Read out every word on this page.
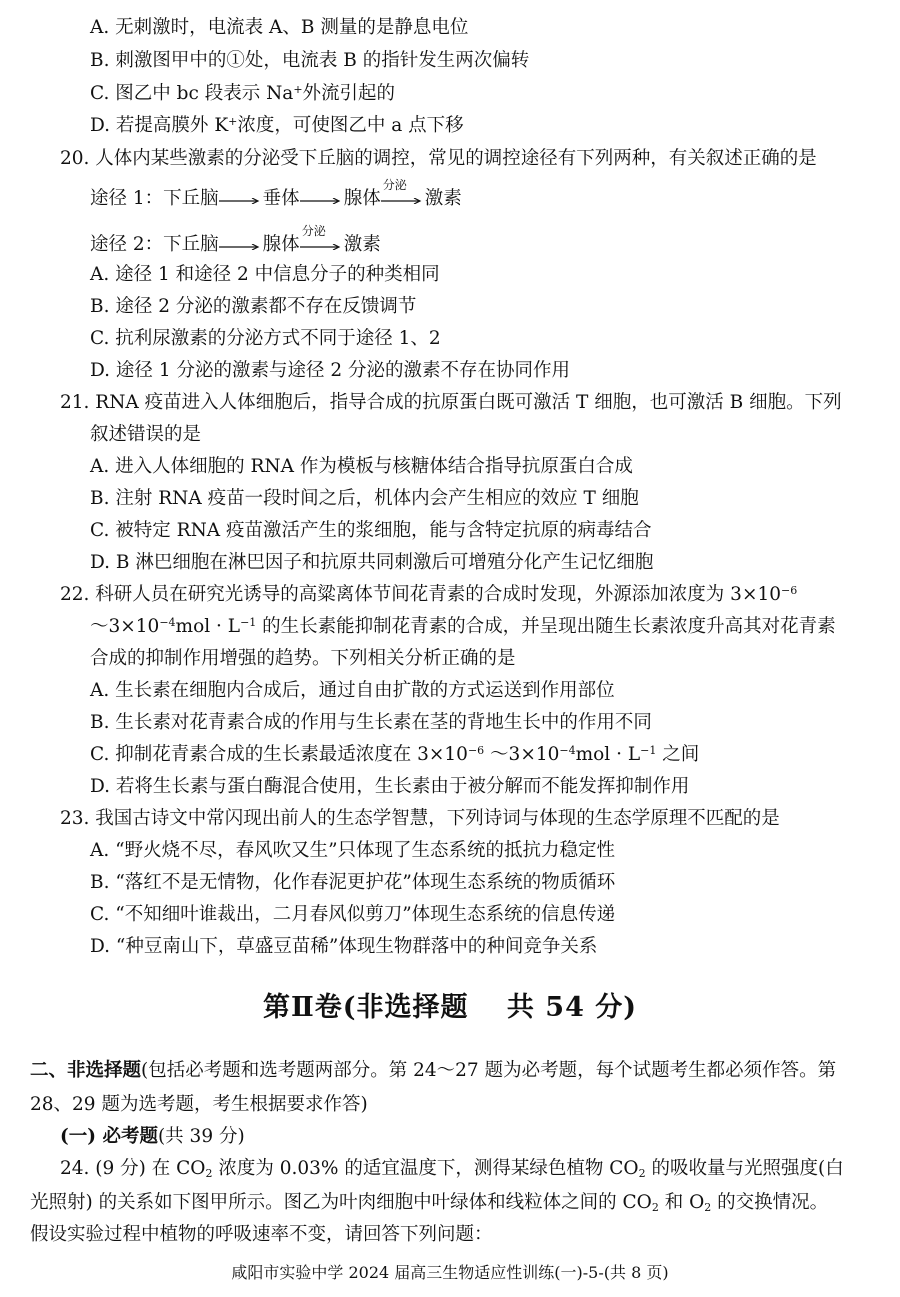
A. 无刺激时，电流表 A、B 测量的是静息电位
B. 刺激图甲中的①处，电流表 B 的指针发生两次偏转
C. 图乙中 bc 段表示 Na+外流引起的
D. 若提高膜外 K+浓度，可使图乙中 a 点下移
20. 人体内某些激素的分泌受下丘脑的调控，常见的调控途径有下列两种，有关叙述正确的是
途径 1：下丘脑 垂体 腺体
分泌
激素
途径 2：下丘脑 腺体
分泌
激素
A. 途径 1 和途径 2 中信息分子的种类相同
B. 途径 2 分泌的激素都不存在反馈调节
C. 抗利尿激素的分泌方式不同于途径 1、2
D. 途径 1 分泌的激素与途径 2 分泌的激素不存在协同作用
21. RNA 疫苗进入人体细胞后，指导合成的抗原蛋白既可激活 T 细胞，也可激活 B 细胞。下列
叙述错误的是
A. 进入人体细胞的 RNA 作为模板与核糖体结合指导抗原蛋白合成
B. 注射 RNA 疫苗一段时间之后，机体内会产生相应的效应 T 细胞
C. 被特定 RNA 疫苗激活产生的浆细胞，能与含特定抗原的病毒结合
D. B 淋巴细胞在淋巴因子和抗原共同刺激后可增殖分化产生记忆细胞
22. 科研人员在研究光诱导的高粱离体节间花青素的合成时发现，外源添加浓度为 $3\times 10^{-6}$
$\sim 3\times 10^{-4}mol \cdot L^{-1}$ 的生长素能抑制花青素的合成，并呈现出随生长素浓度升高其对花青素
合成的抑制作用增强的趋势。下列相关分析正确的是
A. 生长素在细胞内合成后，通过自由扩散的方式运送到作用部位
B. 生长素对花青素合成的作用与生长素在茎的背地生长中的作用不同
C. 抑制花青素合成的生长素最适浓度在 $3\times 10^{-6}$ $\sim 3\times 10^{-4}mol \cdot L^{-1}$ 之间
D. 若将生长素与蛋白酶混合使用，生长素由于被分解而不能发挥抑制作用
23. 我国古诗文中常闪现出前人的生态学智慧，下列诗词与体现的生态学原理不匹配的是
A. “野火烧不尽，春风吹又生”只体现了生态系统的抵抗力稳定性
B. “落红不是无情物，化作春泥更护花”体现生态系统的物质循环
C. “不知细叶谁裁出，二月春风似剪刀”体现生态系统的信息传递
D. “种豆南山下，草盛豆苗稀”体现生物群落中的种间竞争关系
第Ⅱ卷(非选择题　 共 54 分)
二、非选择题(包括必考题和选考题两部分。第 24～27 题为必考题，每个试题考生都必须作答。第
28、29 题为选考题，考生根据要求作答)
(一) 必考题(共 39 分)
24. (9 分) 在 $CO_2$ 浓度为 0.03% 的适宜温度下，测得某绿色植物 $CO_2$ 的吸收量与光照强度(白
光照射) 的关系如下图甲所示。图乙为叶肉细胞中叶绿体和线粒体之间的 $CO_2$ 和 $O_2$ 的交换情况。
假设实验过程中植物的呼吸速率不变，请回答下列问题：
咸阳市实验中学 2024 届高三生物适应性训练(一)-5-(共 8 页)
